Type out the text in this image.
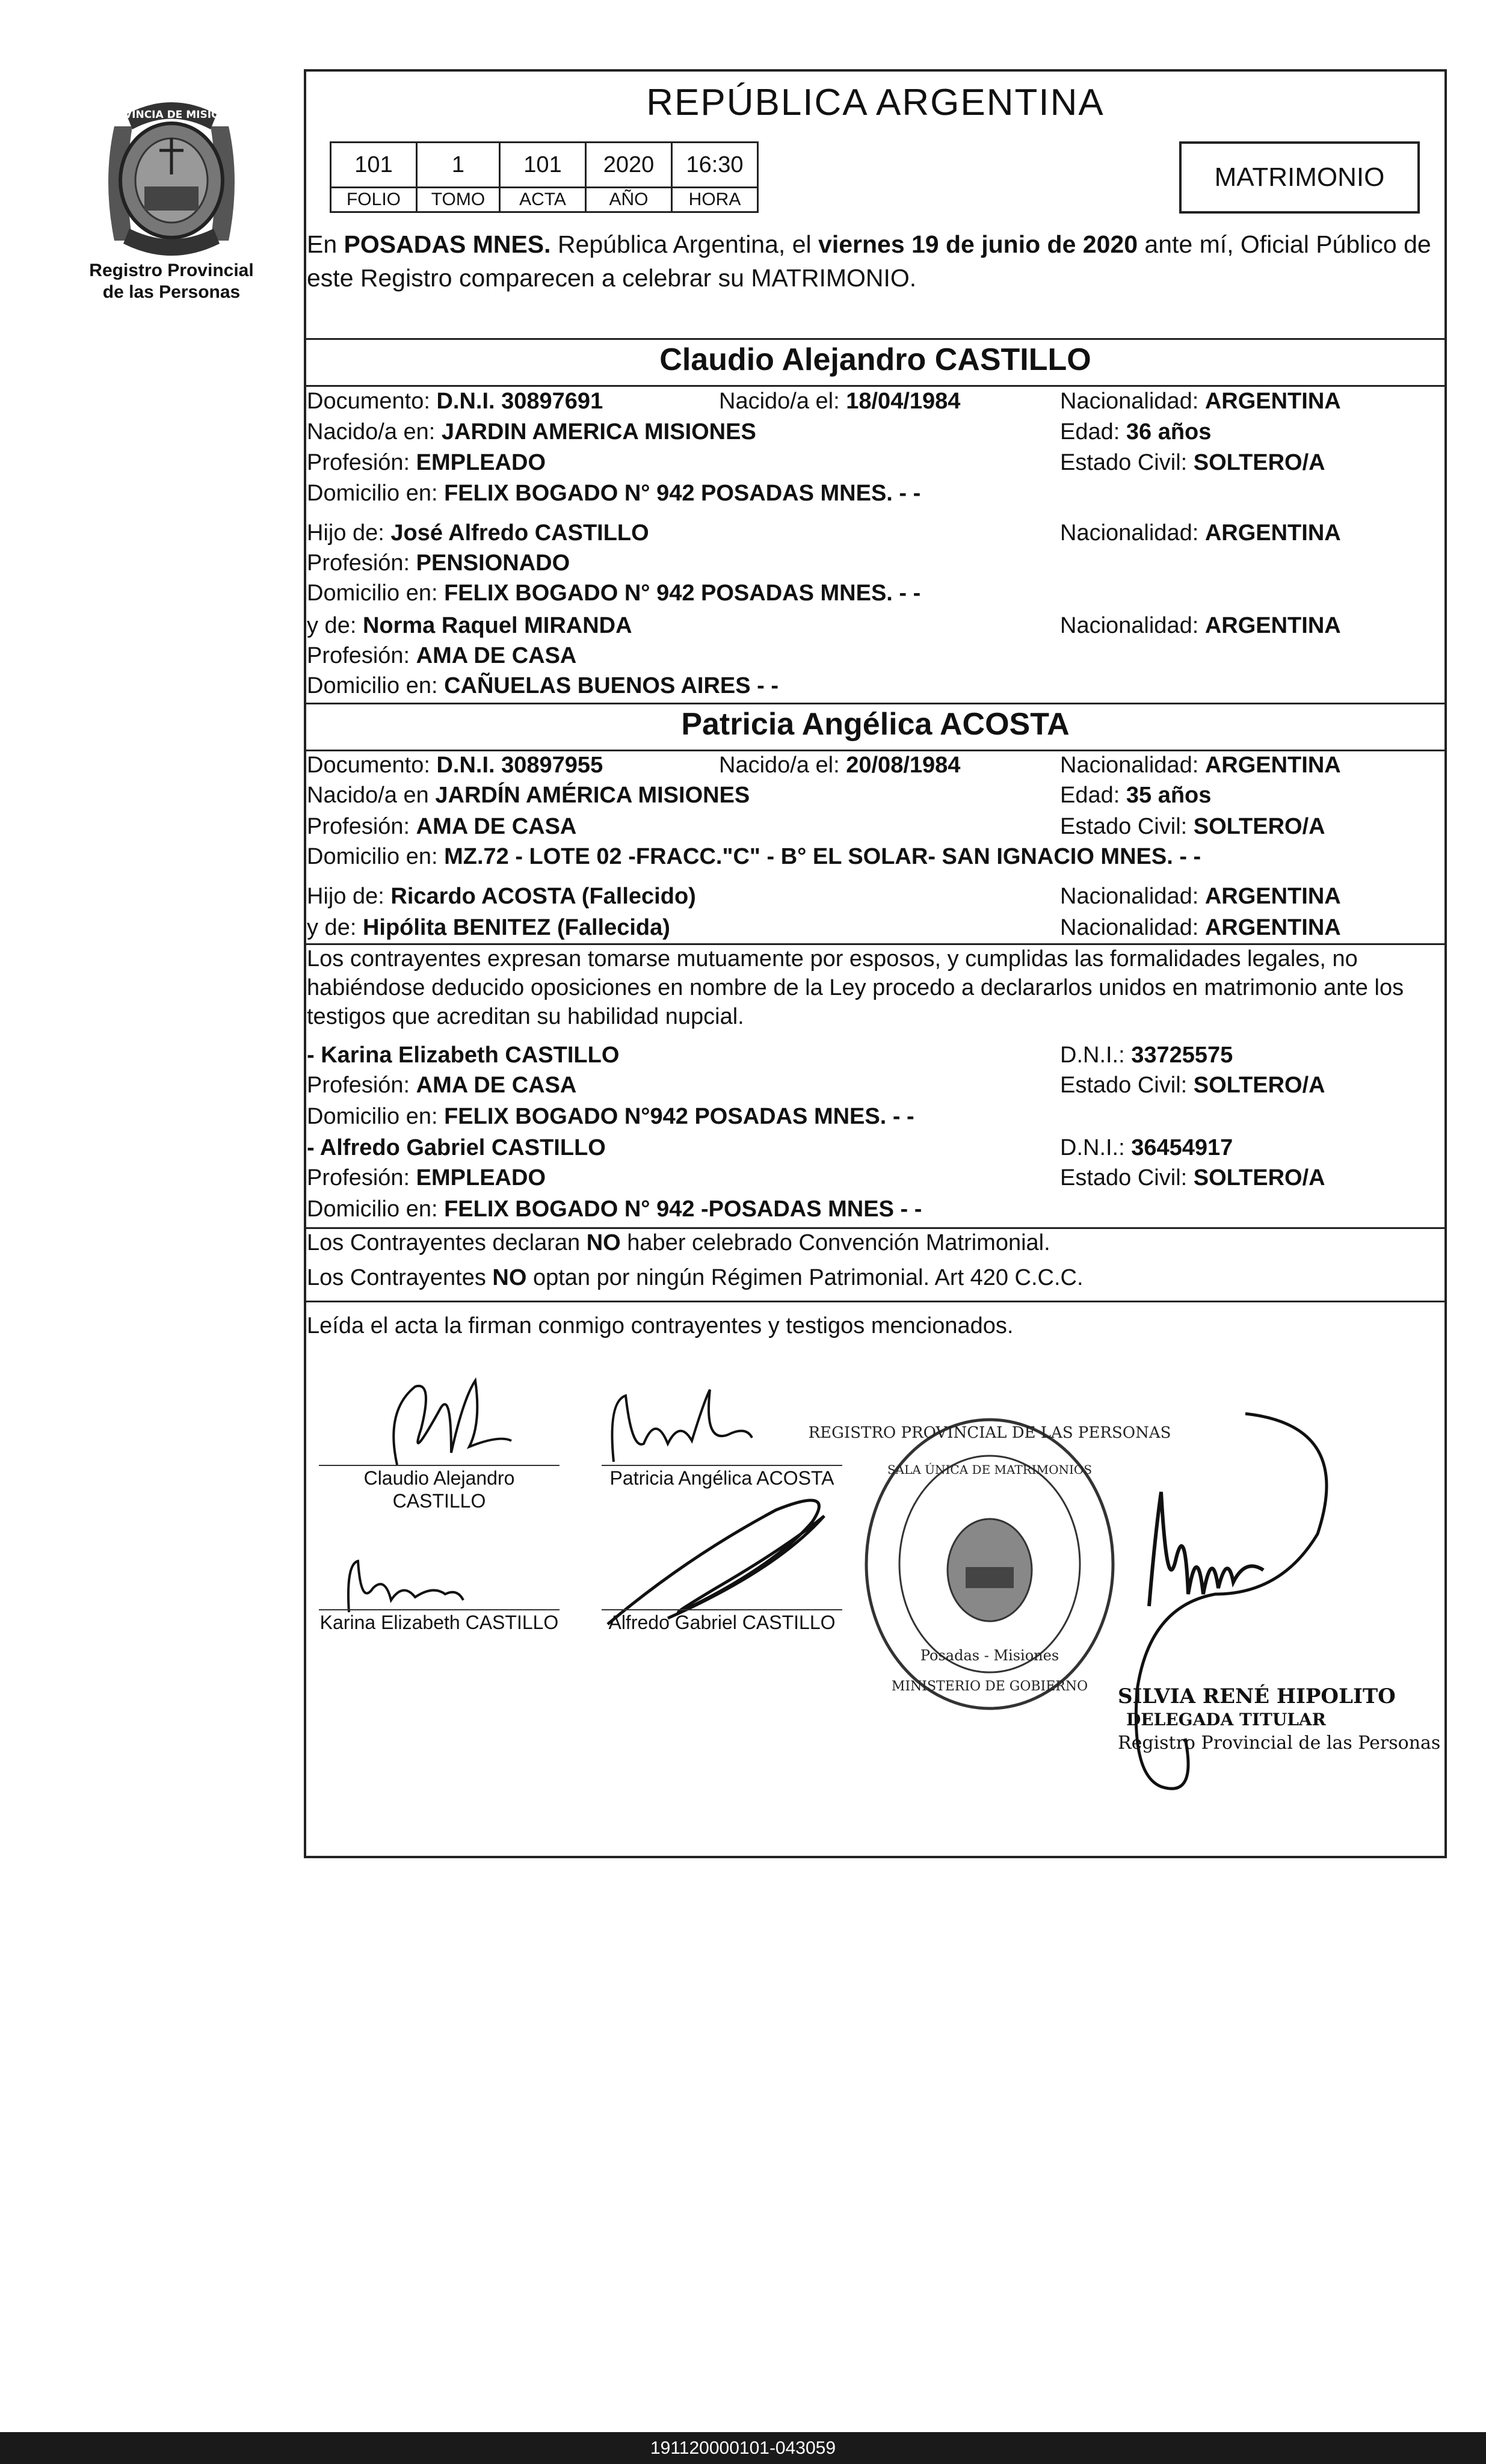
PROVINCIA DE MISIONES
Registro Provincial
de las Personas
REPÚBLICA ARGENTINA
101	1	101	2020	16:30
FOLIO	TOMO	ACTA	AÑO	HORA
MATRIMONIO
En POSADAS MNES. República Argentina, el viernes 19 de junio de 2020 ante mí, Oficial Público de este Registro comparecen a celebrar su MATRIMONIO.
Claudio Alejandro CASTILLO
Documento: D.N.I. 30897691	Nacido/a el: 18/04/1984	Nacionalidad: ARGENTINA
Nacido/a en: JARDIN AMERICA MISIONES	Edad: 36 años
Profesión: EMPLEADO	Estado Civil: SOLTERO/A
Domicilio en: FELIX BOGADO N° 942 POSADAS MNES. - -
Hijo de: José Alfredo CASTILLO	Nacionalidad: ARGENTINA
Profesión: PENSIONADO
Domicilio en: FELIX BOGADO N° 942 POSADAS MNES. - -
y de: Norma Raquel MIRANDA	Nacionalidad: ARGENTINA
Profesión: AMA DE CASA
Domicilio en: CAÑUELAS BUENOS AIRES - -
Patricia Angélica ACOSTA
Documento: D.N.I. 30897955	Nacido/a el: 20/08/1984	Nacionalidad: ARGENTINA
Nacido/a en JARDÍN AMÉRICA MISIONES	Edad: 35 años
Profesión: AMA DE CASA	Estado Civil: SOLTERO/A
Domicilio en: MZ.72 - LOTE 02 -FRACC."C" - B° EL SOLAR- SAN IGNACIO MNES. - -
Hijo de: Ricardo ACOSTA (Fallecido)	Nacionalidad: ARGENTINA
y de: Hipólita BENITEZ (Fallecida)	Nacionalidad: ARGENTINA
Los contrayentes expresan tomarse mutuamente por esposos, y cumplidas las formalidades legales, no habiéndose deducido oposiciones en nombre de la Ley procedo a declararlos unidos en matrimonio ante los testigos que acreditan su habilidad nupcial.
- Karina Elizabeth CASTILLO	D.N.I.: 33725575
Profesión: AMA DE CASA	Estado Civil: SOLTERO/A
Domicilio en: FELIX BOGADO N°942 POSADAS MNES. - -
- Alfredo Gabriel CASTILLO	D.N.I.: 36454917
Profesión: EMPLEADO	Estado Civil: SOLTERO/A
Domicilio en: FELIX BOGADO N° 942 -POSADAS MNES - -
Los Contrayentes declaran NO haber celebrado Convención Matrimonial.
Los Contrayentes NO optan por ningún Régimen Patrimonial. Art 420 C.C.C.
Leída el acta la firman conmigo contrayentes y testigos mencionados.
Claudio Alejandro
CASTILLO
Patricia Angélica ACOSTA
Karina Elizabeth CASTILLO	Alfredo Gabriel CASTILLO
REGISTRO PROVINCIAL DE LAS PERSONAS
SALA ÚNICA DE MATRIMONIOS
Posadas - Misiones
MINISTERIO DE GOBIERNO SILVIA RENÉ HIPOLITO
DELEGADA TITULAR
Registro Provincial de las Personas
191120000101-043059
